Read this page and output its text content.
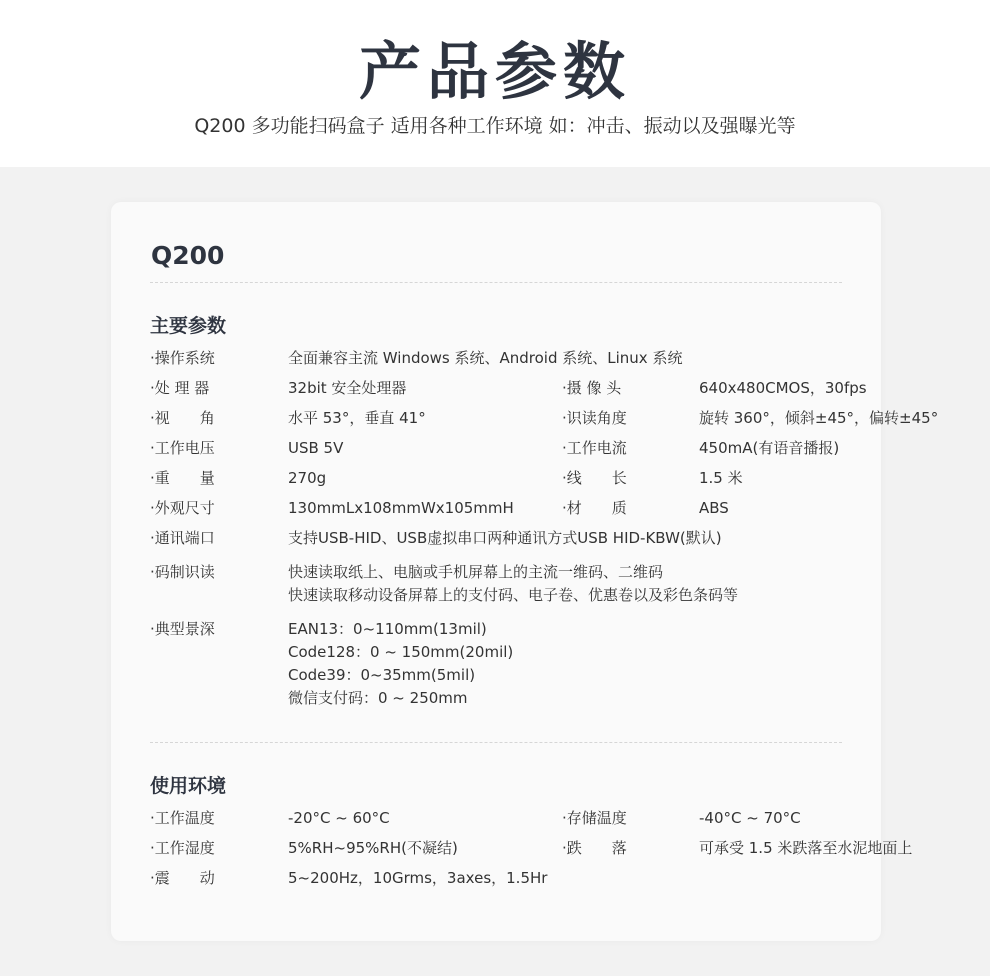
产品参数
Q200 多功能扫码盒子 适用各种工作环境 如：冲击、振动以及强曝光等
Q200
主要参数
·操作系统	全面兼容主流 Windows 系统、Android 系统、Linux 系统
·处 理 器	32bit 安全处理器	·摄 像 头	640x480CMOS，30fps
·视　　角	水平 53°，垂直 41°	·识读角度	旋转 360°，倾斜±45°，偏转±45°
·工作电压	USB 5V	·工作电流	450mA(有语音播报)
·重　　量	270g	·线　　长	1.5 米
·外观尺寸	130mmLx108mmWx105mmH	·材　　质	ABS
·通讯端口	支持USB-HID、USB虚拟串口两种通讯方式USB HID-KBW(默认)
·码制识读	快速读取纸上、电脑或手机屏幕上的主流一维码、二维码
快速读取移动设备屏幕上的支付码、电子卷、优惠卷以及彩色条码等
·典型景深	EAN13：0~110mm(13mil)
Code128：0 ~ 150mm(20mil)
Code39：0~35mm(5mil)
微信支付码：0 ~ 250mm
使用环境
·工作温度	-20°C ~ 60°C	·存储温度	-40°C ~ 70°C
·工作湿度	5%RH~95%RH(不凝结)	·跌　　落	可承受 1.5 米跌落至水泥地面上
·震　　动	5~200Hz，10Grms，3axes，1.5Hr
